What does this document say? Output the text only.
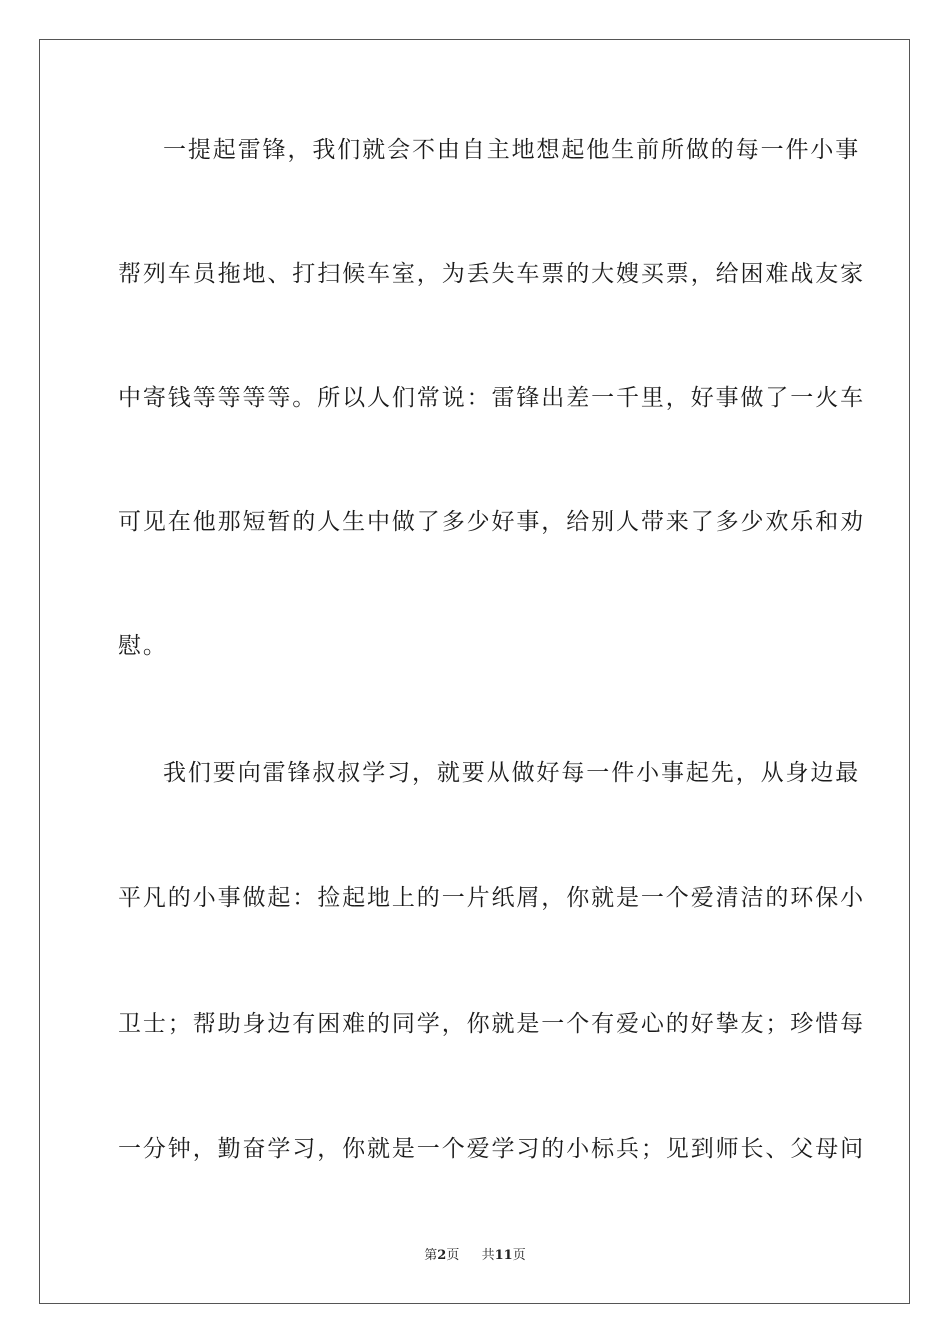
一提起雷锋，我们就会不由自主地想起他生前所做的每一件小事
帮列车员拖地、打扫候车室，为丢失车票的大嫂买票，给困难战友家
中寄钱等等等等。所以人们常说：雷锋出差一千里，好事做了一火车
可见在他那短暂的人生中做了多少好事，给别人带来了多少欢乐和劝
慰。
我们要向雷锋叔叔学习，就要从做好每一件小事起先，从身边最
平凡的小事做起：捡起地上的一片纸屑，你就是一个爱清洁的环保小
卫士；帮助身边有困难的同学，你就是一个有爱心的好挚友；珍惜每
一分钟，勤奋学习，你就是一个爱学习的小标兵；见到师长、父母问
第2页 共11页
